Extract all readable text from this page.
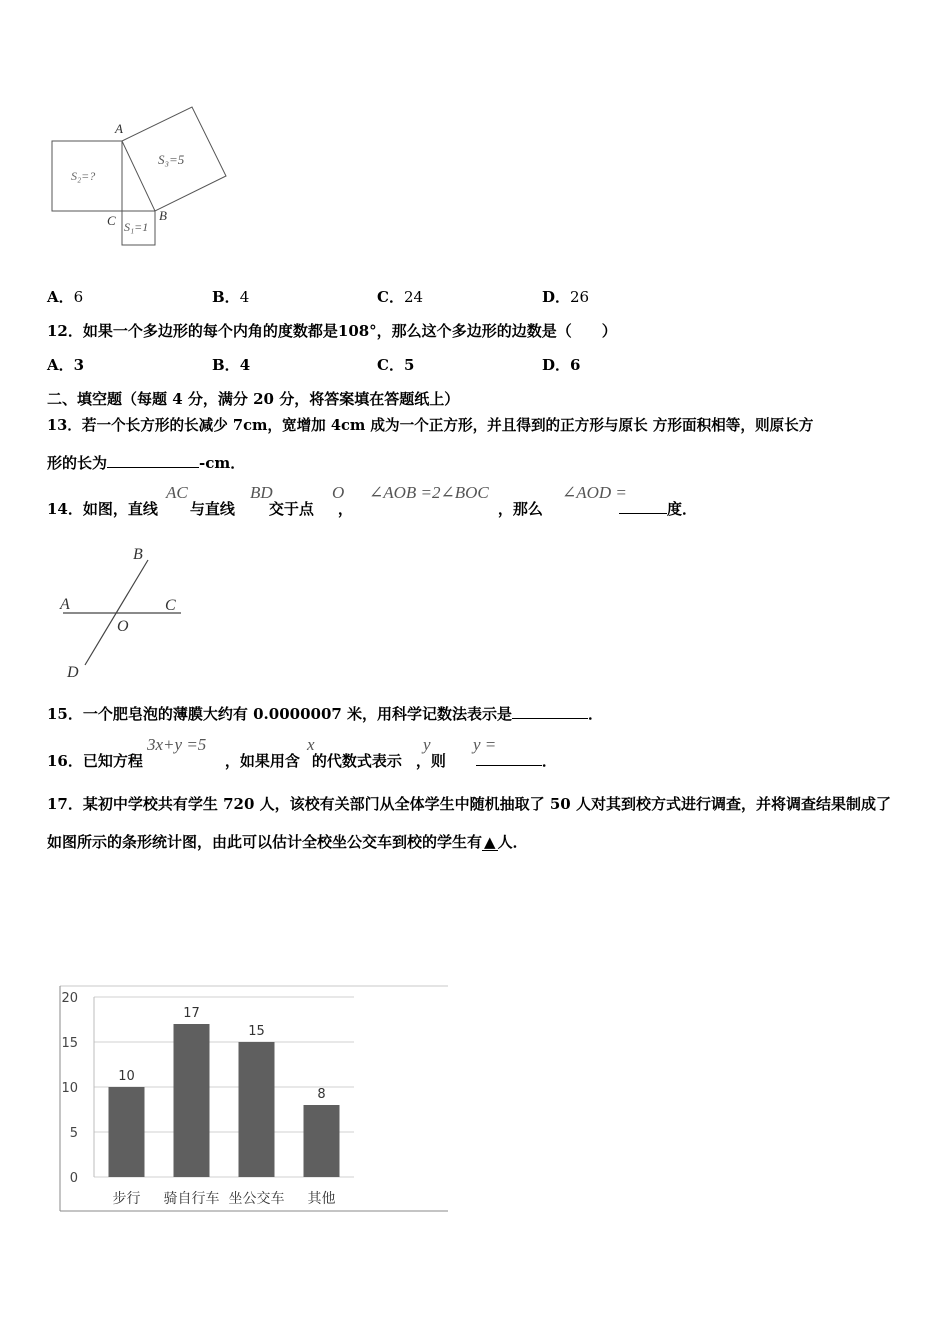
A
C	B
S₂=?
S₃=5
S₁=1
A．6	B．4	C．24	D．26
12．如果一个多边形的每个内角的度数都是108°，那么这个多边形的边数是（　　）
A．3	B．4	C．5	D．6
二、填空题（每题 4 分，满分 20 分，将答案填在答题纸上）
13．若一个长方形的长减少 7cm，宽增加 4cm 成为一个正方形，并且得到的正方形与原长 方形面积相等，则原长方
形的长为	-cm．
14．如图，直线 与直线 交于点 ，	，那么	度．
AC	BD	O ∠AOB =2∠BOC	∠AOD =
B
A	C
O
D
15．一个肥皂泡的薄膜大约有 0.0000007 米，用科学记数法表示是	．
16．已知方程	，如果用含 的代数式表示 ，则	．
3x+y =5	x	y y =
17．某初中学校共有学生 720 人，该校有关部门从全体学生中随机抽取了 50 人对其到校方式进行调查，并将调查结果制成了如图所示的条形统计图，由此可以估计全校坐公交车到校的学生有 ▲ 人．
0
5
10
15
20
10
步行
17
骑自行车
15
坐公交车
8
其他
